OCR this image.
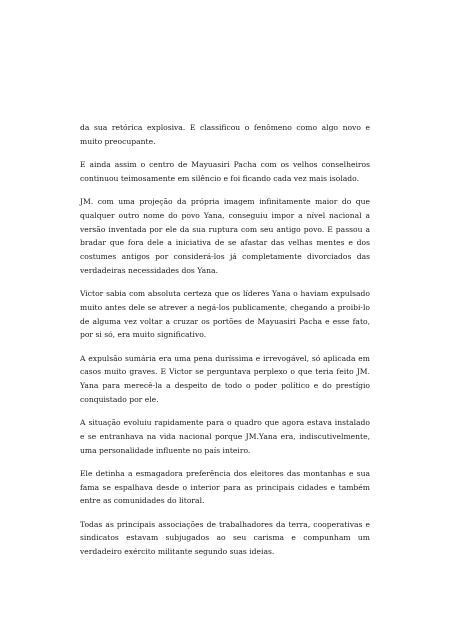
da sua retórica explosiva. E classificou o fenômeno como algo novo e muito preocupante.

E ainda assim o centro de Mayuasiri Pacha com os velhos conselheiros continuou teimosamente em silêncio e foi ficando cada vez mais isolado.

JM. com uma projeção da própria imagem infinitamente maior do que qualquer outro nome do povo Yana, conseguiu impor a nível nacional a versão inventada por ele da sua ruptura com seu antigo povo. E passou a bradar que fora dele a iniciativa de se afastar das velhas mentes e dos costumes antigos por considerá-los já completamente divorciados das verdadeiras necessidades dos Yana.

Victor sabia com absoluta certeza que os líderes Yana o haviam expulsado muito antes dele se atrever a negá-los publicamente, chegando a proibi-lo de alguma vez voltar a cruzar os portões de Mayuasiri Pacha e esse fato, por si só, era muito significativo.

A expulsão sumária era uma pena duríssima e irrevogável, só aplicada em casos muito graves. E Victor se perguntava perplexo o que teria feito JM. Yana para merecê-la a despeito de todo o poder político e do prestígio conquistado por ele.

A situação evoluiu rapidamente para o quadro que agora estava instalado e se entranhava na vida nacional porque JM.Yana era, indiscutivelmente, uma personalidade influente no país inteiro.

Ele detinha a esmagadora preferência dos eleitores das montanhas e sua fama se espalhava desde o interior para as principais cidades e também entre as comunidades do litoral.

Todas as principais associações de trabalhadores da terra, cooperativas e sindicatos estavam subjugados ao seu carisma e compunham um verdadeiro exército militante segundo suas ideias.
